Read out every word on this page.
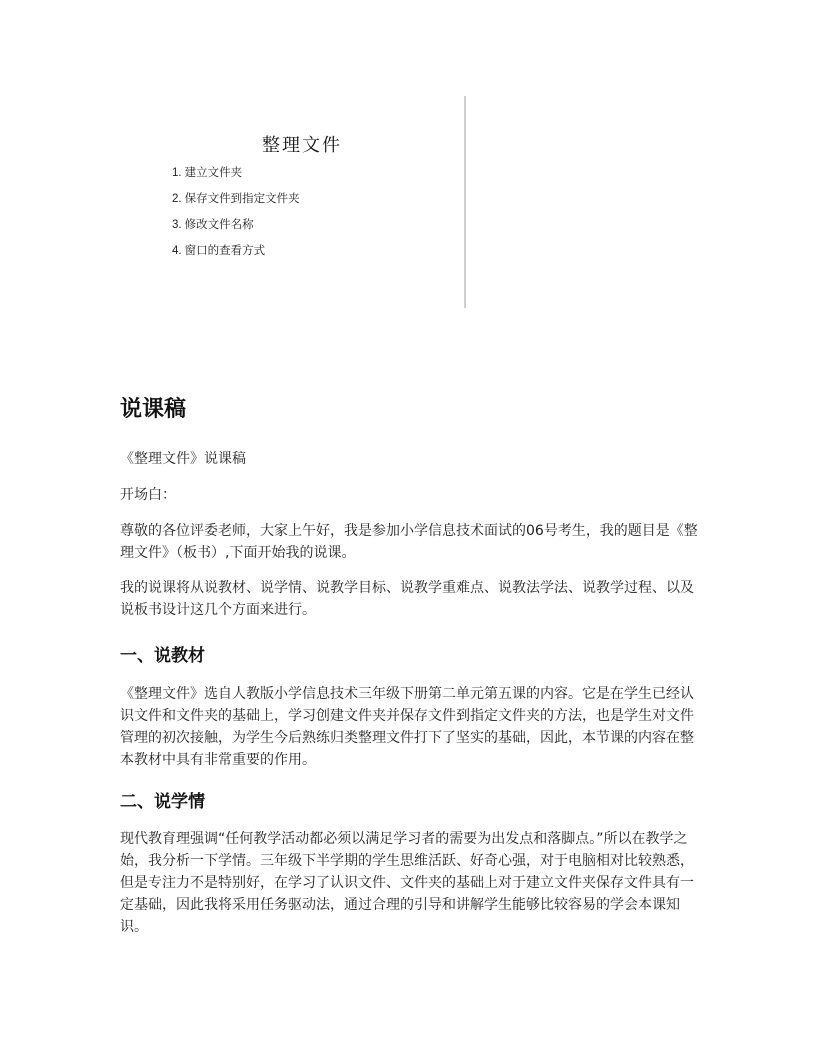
整理文件
1. 建立文件夹
2. 保存文件到指定文件夹
3. 修改文件名称
4. 窗口的查看方式
说课稿

《整理文件》说课稿

开场白：

尊敬的各位评委老师，大家上午好，我是参加小学信息技术面试的06号考生，我的题目是《整理文件》（板书）,下面开始我的说课。

我的说课将从说教材、说学情、说教学目标、说教学重难点、说教法学法、说教学过程、以及说板书设计这几个方面来进行。

一、说教材

《整理文件》选自人教版小学信息技术三年级下册第二单元第五课的内容。它是在学生已经认识文件和文件夹的基础上，学习创建文件夹并保存文件到指定文件夹的方法，也是学生对文件管理的初次接触，为学生今后熟练归类整理文件打下了坚实的基础，因此，本节课的内容在整本教材中具有非常重要的作用。

二、说学情

现代教育理强调“任何教学活动都必须以满足学习者的需要为出发点和落脚点。”所以在教学之始，我分析一下学情。三年级下半学期的学生思维活跃、好奇心强，对于电脑相对比较熟悉，但是专注力不是特别好，在学习了认识文件、文件夹的基础上对于建立文件夹保存文件具有一定基础，因此我将采用任务驱动法，通过合理的引导和讲解学生能够比较容易的学会本课知识。
